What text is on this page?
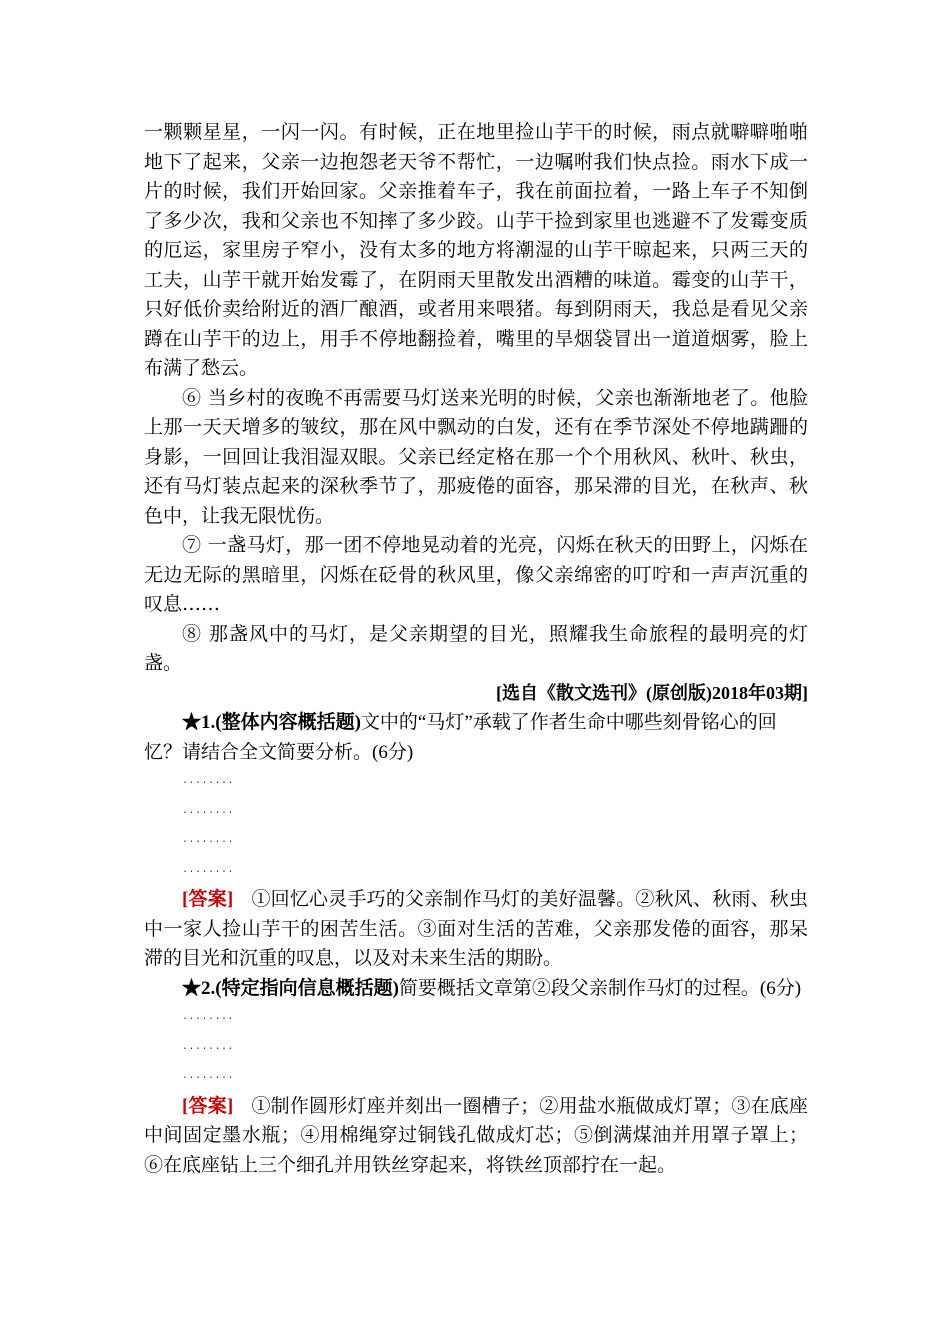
一颗颗星星，一闪一闪。有时候，正在地里捡山芋干的时候，雨点就噼噼啪啪地下了起来，父亲一边抱怨老天爷不帮忙，一边嘱咐我们快点捡。雨水下成一片的时候，我们开始回家。父亲推着车子，我在前面拉着，一路上车子不知倒了多少次，我和父亲也不知摔了多少跤。山芋干捡到家里也逃避不了发霉变质的厄运，家里房子窄小，没有太多的地方将潮湿的山芋干晾起来，只两三天的工夫，山芋干就开始发霉了，在阴雨天里散发出酒糟的味道。霉变的山芋干，只好低价卖给附近的酒厂酿酒，或者用来喂猪。每到阴雨天，我总是看见父亲蹲在山芋干的边上，用手不停地翻捡着，嘴里的旱烟袋冒出一道道烟雾，脸上布满了愁云。

⑥ 当乡村的夜晚不再需要马灯送来光明的时候，父亲也渐渐地老了。他脸上那一天天增多的皱纹，那在风中飘动的白发，还有在季节深处不停地蹒跚的身影，一回回让我泪湿双眼。父亲已经定格在那一个个用秋风、秋叶、秋虫，还有马灯装点起来的深秋季节了，那疲倦的面容，那呆滞的目光，在秋声、秋色中，让我无限忧伤。

⑦ 一盏马灯，那一团不停地晃动着的光亮，闪烁在秋天的田野上，闪烁在无边无际的黑暗里，闪烁在砭骨的秋风里，像父亲绵密的叮咛和一声声沉重的叹息……

⑧ 那盏风中的马灯，是父亲期望的目光，照耀我生命旅程的最明亮的灯盏。

[选自《散文选刊》(原创版)2018年03期]

★1.(整体内容概括题)文中的“马灯”承载了作者生命中哪些刻骨铭心的回忆？请结合全文简要分析。(6分)

........
........
........
........

[答案] ①回忆心灵手巧的父亲制作马灯的美好温馨。②秋风、秋雨、秋虫中一家人捡山芋干的困苦生活。③面对生活的苦难，父亲那发倦的面容，那呆滞的目光和沉重的叹息，以及对未来生活的期盼。

★2.(特定指向信息概括题)简要概括文章第②段父亲制作马灯的过程。(6分)

........
........
........

[答案] ①制作圆形灯座并刻出一圈槽子；②用盐水瓶做成灯罩；③在底座中间固定墨水瓶；④用棉绳穿过铜钱孔做成灯芯；⑤倒满煤油并用罩子罩上；⑥在底座钻上三个细孔并用铁丝穿起来，将铁丝顶部拧在一起。
